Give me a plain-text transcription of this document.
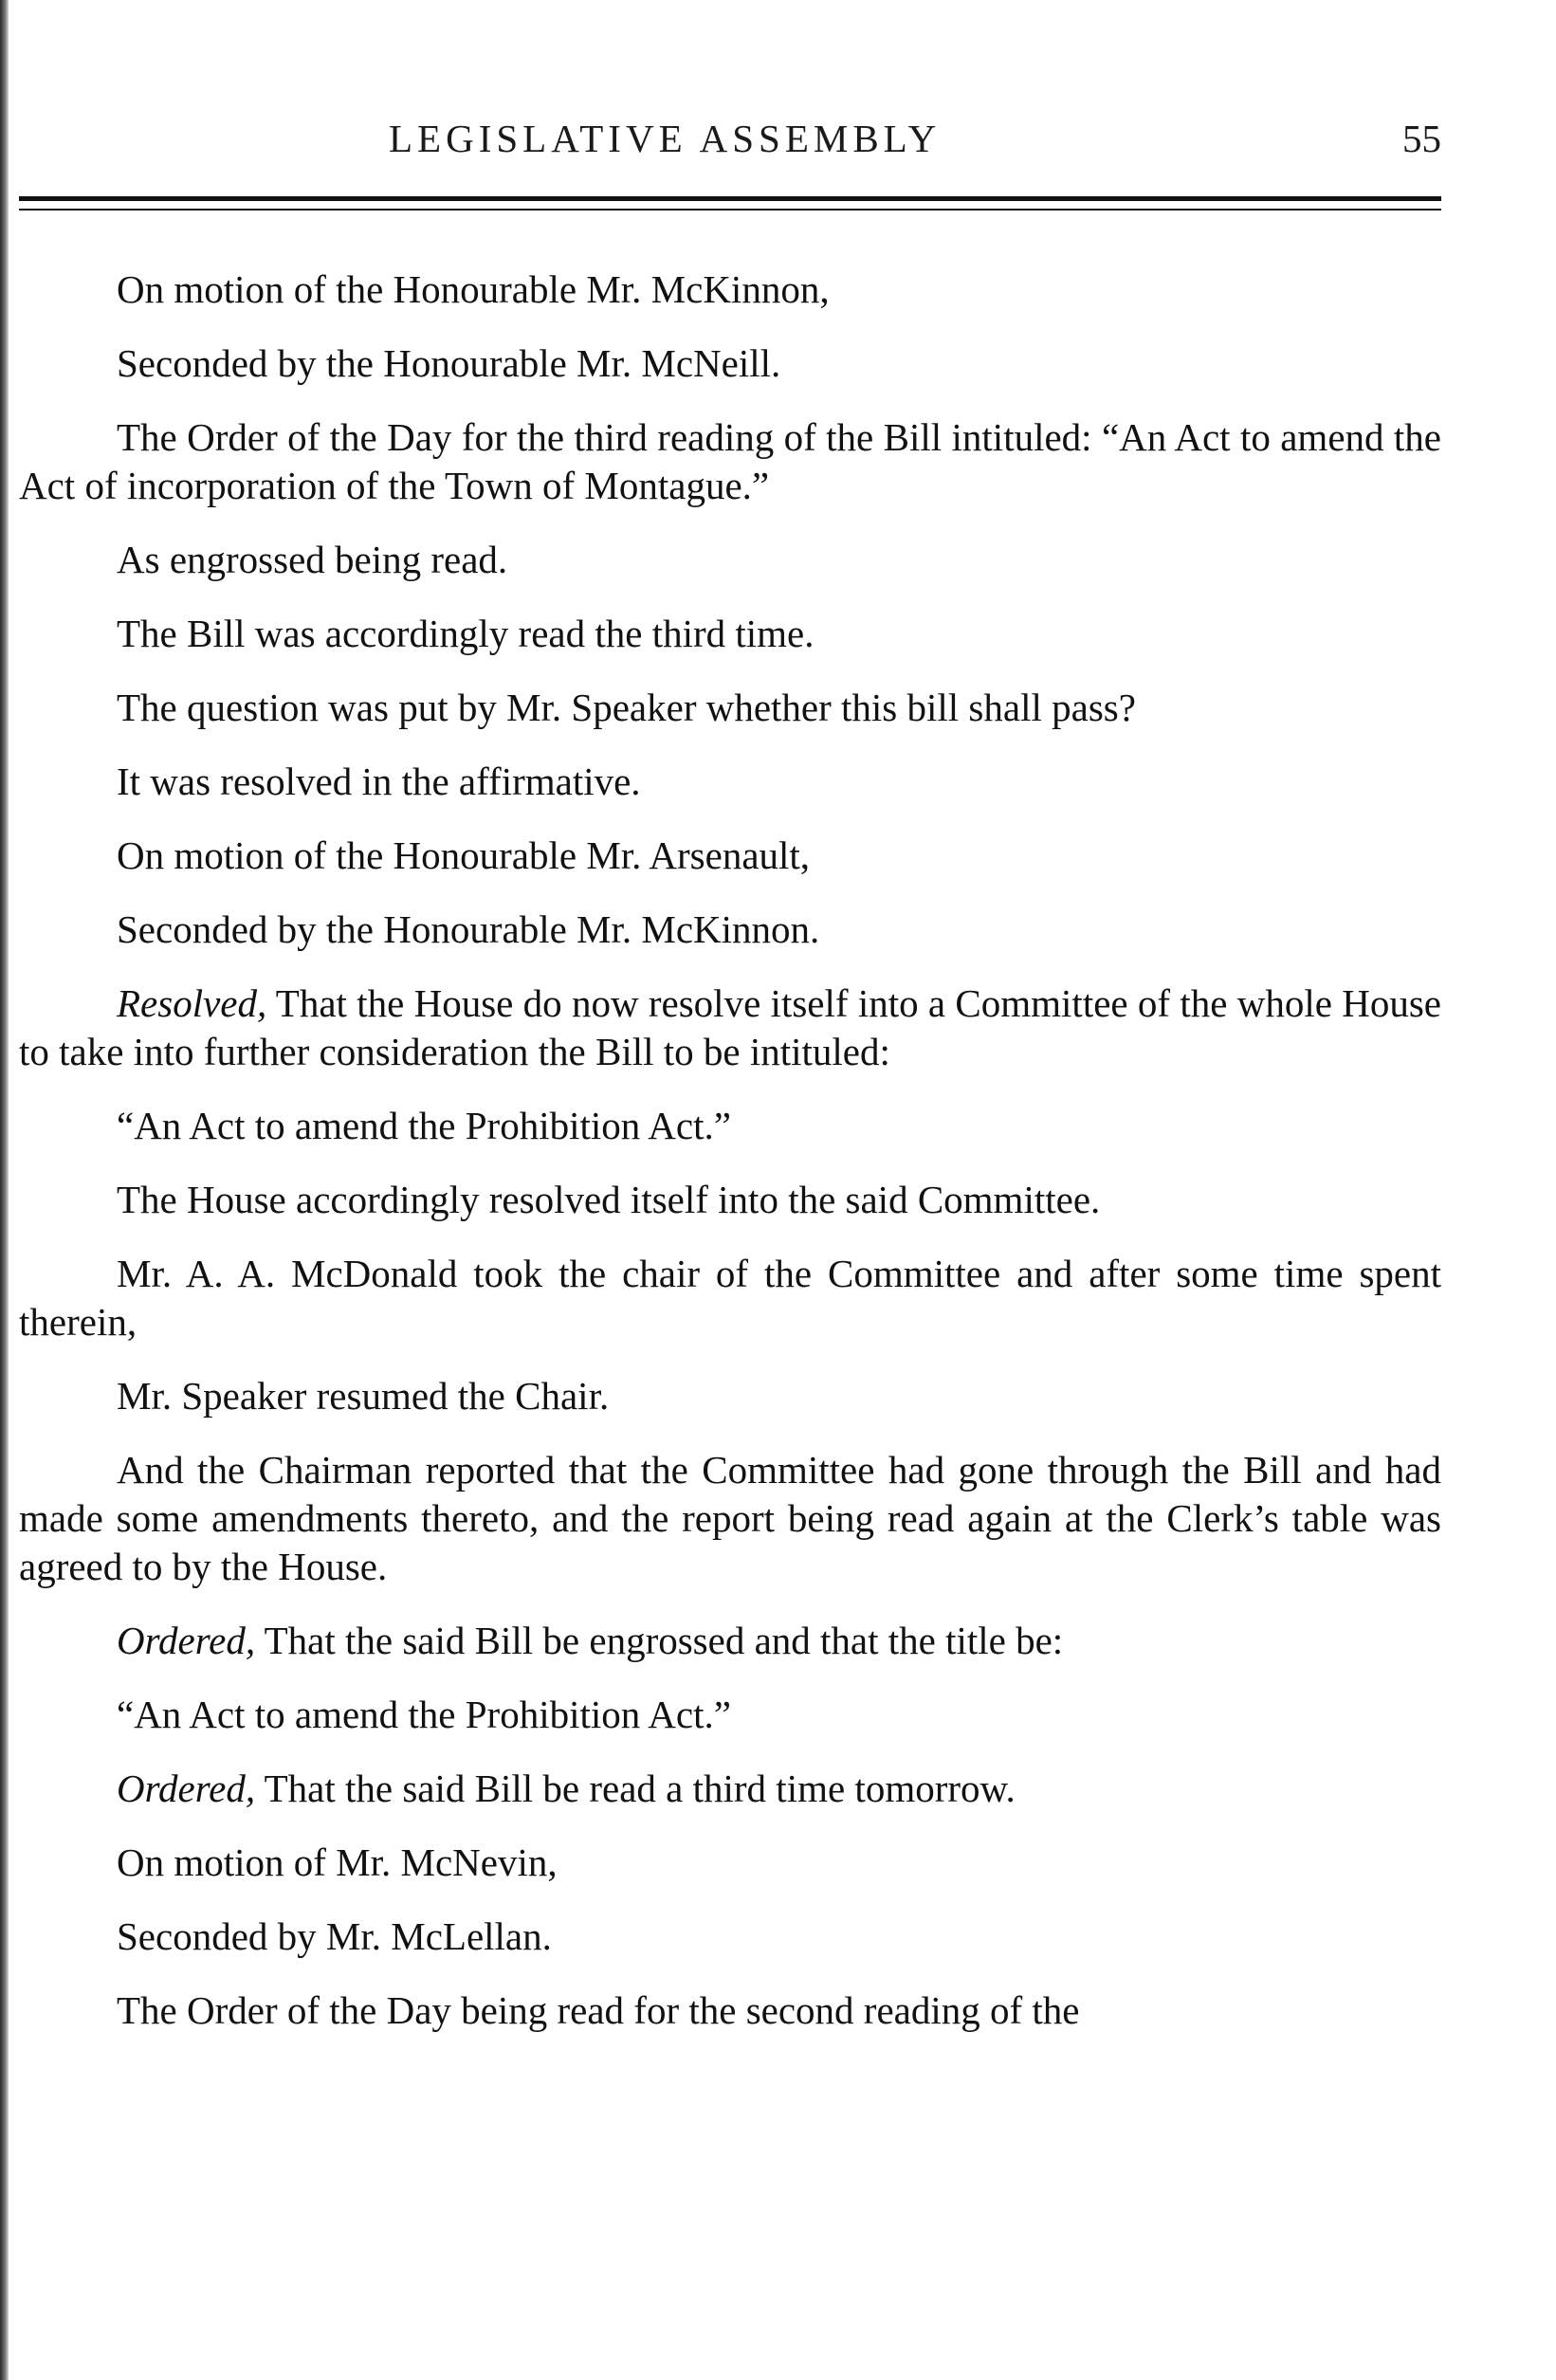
LEGISLATIVE ASSEMBLY	55

On motion of the Honourable Mr. McKinnon,

Seconded by the Honourable Mr. McNeill.

The Order of the Day for the third reading of the Bill intituled: “An Act to amend the Act of incorporation of the Town of Montague.”

As engrossed being read.

The Bill was accordingly read the third time.

The question was put by Mr. Speaker whether this bill shall pass?

It was resolved in the affirmative.

On motion of the Honourable Mr. Arsenault,

Seconded by the Honourable Mr. McKinnon.

Resolved, That the House do now resolve itself into a Committee of the whole House to take into further consideration the Bill to be intituled:

“An Act to amend the Prohibition Act.”

The House accordingly resolved itself into the said Committee.

Mr. A. A. McDonald took the chair of the Committee and after some time spent therein,

Mr. Speaker resumed the Chair.

And the Chairman reported that the Committee had gone through the Bill and had made some amendments thereto, and the report being read again at the Clerk’s table was agreed to by the House.

Ordered, That the said Bill be engrossed and that the title be:

“An Act to amend the Prohibition Act.”

Ordered, That the said Bill be read a third time tomorrow.

On motion of Mr. McNevin,

Seconded by Mr. McLellan.

The Order of the Day being read for the second reading of the
